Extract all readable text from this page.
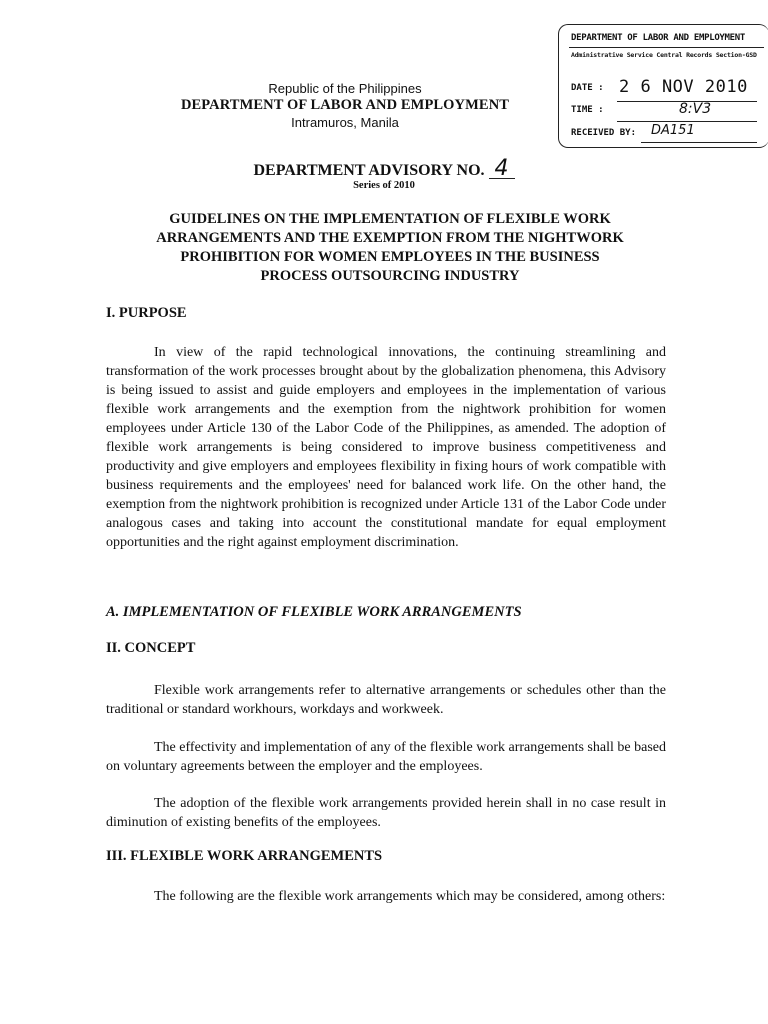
DEPARTMENT OF LABOR AND EMPLOYMENT
Administrative Service Central Records Section-GSD
DATE : 2 6 NOV 2010
TIME :	8:V3
RECEIVED BY: DA151
Republic of the Philippines
DEPARTMENT OF LABOR AND EMPLOYMENT
Intramuros, Manila
DEPARTMENT ADVISORY NO. 4
Series of 2010
GUIDELINES ON THE IMPLEMENTATION OF FLEXIBLE WORK
ARRANGEMENTS AND THE EXEMPTION FROM THE NIGHTWORK
PROHIBITION FOR WOMEN EMPLOYEES IN THE BUSINESS
PROCESS OUTSOURCING INDUSTRY
I. PURPOSE

In view of the rapid technological innovations, the continuing streamlining and transformation of the work processes brought about by the globalization phenomena, this Advisory is being issued to assist and guide employers and employees in the implementation of various flexible work arrangements and the exemption from the nightwork prohibition for women employees under Article 130 of the Labor Code of the Philippines, as amended. The adoption of flexible work arrangements is being considered to improve business competitiveness and productivity and give employers and employees flexibility in fixing hours of work compatible with business requirements and the employees' need for balanced work life. On the other hand, the exemption from the nightwork prohibition is recognized under Article 131 of the Labor Code under analogous cases and taking into account the constitutional mandate for equal employment opportunities and the right against employment discrimination.

A. IMPLEMENTATION OF FLEXIBLE WORK ARRANGEMENTS
II. CONCEPT

Flexible work arrangements refer to alternative arrangements or schedules other than the traditional or standard workhours, workdays and workweek.

The effectivity and implementation of any of the flexible work arrangements shall be based on voluntary agreements between the employer and the employees.

The adoption of the flexible work arrangements provided herein shall in no case result in diminution of existing benefits of the employees.

III. FLEXIBLE WORK ARRANGEMENTS

The following are the flexible work arrangements which may be considered, among others:
